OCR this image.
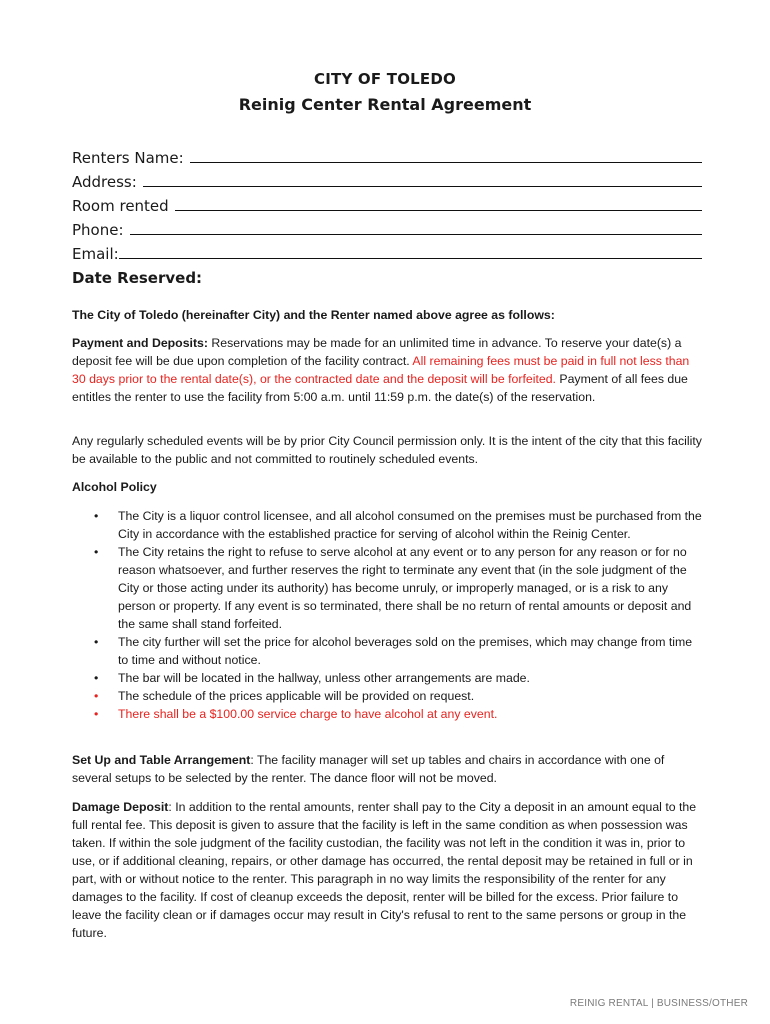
CITY OF TOLEDO
Reinig Center Rental Agreement
Renters Name:
Address:
Room rented
Phone:
Email:
Date Reserved:
The City of Toledo (hereinafter City) and the Renter named above agree as follows:
Payment and Deposits: Reservations may be made for an unlimited time in advance. To reserve your date(s) a deposit fee will be due upon completion of the facility contract. All remaining fees must be paid in full not less than 30 days prior to the rental date(s), or the contracted date and the deposit will be forfeited. Payment of all fees due entitles the renter to use the facility from 5:00 a.m. until 11:59 p.m. the date(s) of the reservation.
Any regularly scheduled events will be by prior City Council permission only. It is the intent of the city that this facility be available to the public and not committed to routinely scheduled events.
Alcohol Policy
• The City is a liquor control licensee, and all alcohol consumed on the premises must be purchased from the City in accordance with the established practice for serving of alcohol within the Reinig Center.
• The City retains the right to refuse to serve alcohol at any event or to any person for any reason or for no reason whatsoever, and further reserves the right to terminate any event that (in the sole judgment of the City or those acting under its authority) has become unruly, or improperly managed, or is a risk to any person or property. If any event is so terminated, there shall be no return of rental amounts or deposit and the same shall stand forfeited.
• The city further will set the price for alcohol beverages sold on the premises, which may change from time to time and without notice.
• The bar will be located in the hallway, unless other arrangements are made.
• The schedule of the prices applicable will be provided on request.
• There shall be a $100.00 service charge to have alcohol at any event.
Set Up and Table Arrangement: The facility manager will set up tables and chairs in accordance with one of several setups to be selected by the renter. The dance floor will not be moved.
Damage Deposit: In addition to the rental amounts, renter shall pay to the City a deposit in an amount equal to the full rental fee. This deposit is given to assure that the facility is left in the same condition as when possession was taken. If within the sole judgment of the facility custodian, the facility was not left in the condition it was in, prior to use, or if additional cleaning, repairs, or other damage has occurred, the rental deposit may be retained in full or in part, with or without notice to the renter. This paragraph in no way limits the responsibility of the renter for any damages to the facility. If cost of cleanup exceeds the deposit, renter will be billed for the excess. Prior failure to leave the facility clean or if damages occur may result in City's refusal to rent to the same persons or group in the future.
REINIG RENTAL | BUSINESS/OTHER
